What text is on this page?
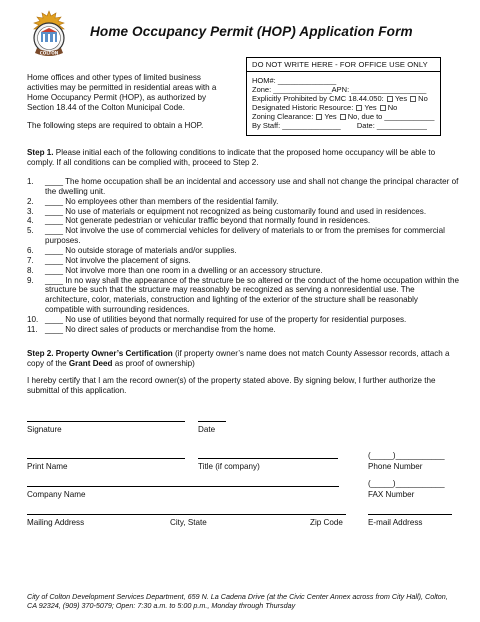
COLTON
Home Occupancy Permit (HOP) Application Form

Home offices and other types of limited business activities may be permitted in residential areas with a Home Occupancy Permit (HOP), as authorized by Section 18.44 of the Colton Municipal Code.

The following steps are required to obtain a HOP.

DO NOT WRITE HERE - FOR OFFICE USE ONLY
HOM#: ______________
Zone: ______________APN: __________________
Explicitly Prohibited by CMC 18.44.050: Yes No
Designated Historic Resource: Yes No
Zoning Clearance: Yes No, due to ____________
By Staff: ______________ Date: ____________
Step 1. Please initial each of the following conditions to indicate that the proposed home occupancy will be able to comply. If all conditions can be complied with, proceed to Step 2.
1.	____ The home occupation shall be an incidental and accessory use and shall not change the principal character of the dwelling unit.
2.	____ No employees other than members of the residential family.
3.	____ No use of materials or equipment not recognized as being customarily found and used in residences.
4.	____ Not generate pedestrian or vehicular traffic beyond that normally found in residences.
5.	____ Not involve the use of commercial vehicles for delivery of materials to or from the premises for commercial purposes.
6.	____ No outside storage of materials and/or supplies.
7.	____ Not involve the placement of signs.
8.	____ Not involve more than one room in a dwelling or an accessory structure.
9.	____ In no way shall the appearance of the structure be so altered or the conduct of the home occupation within the structure be such that the structure may reasonably be recognized as serving a nonresidential use. The architecture, color, materials, construction and lighting of the exterior of the structure shall be reasonably compatible with surrounding residences.
10. ____ No use of utilities beyond that normally required for use of the property for residential purposes.
11. ____ No direct sales of products or merchandise from the home.
Step 2. Property Owner’s Certification (if property owner’s name does not match County Assessor records, attach a copy of the Grant Deed as proof of ownership)
I hereby certify that I am the record owner(s) of the property stated above. By signing below, I further authorize the submittal of this application.
Signature	Date
(_____)___________
Print Name	Title (if company)	Phone Number
(_____)___________
Company Name	FAX Number
Mailing Address	City, State	Zip Code	E-mail Address
City of Colton Development Services Department, 659 N. La Cadena Drive (at the Civic Center Annex across from City Hall), Colton, CA 92324, (909) 370-5079; Open: 7:30 a.m. to 5:00 p.m., Monday through Thursday
